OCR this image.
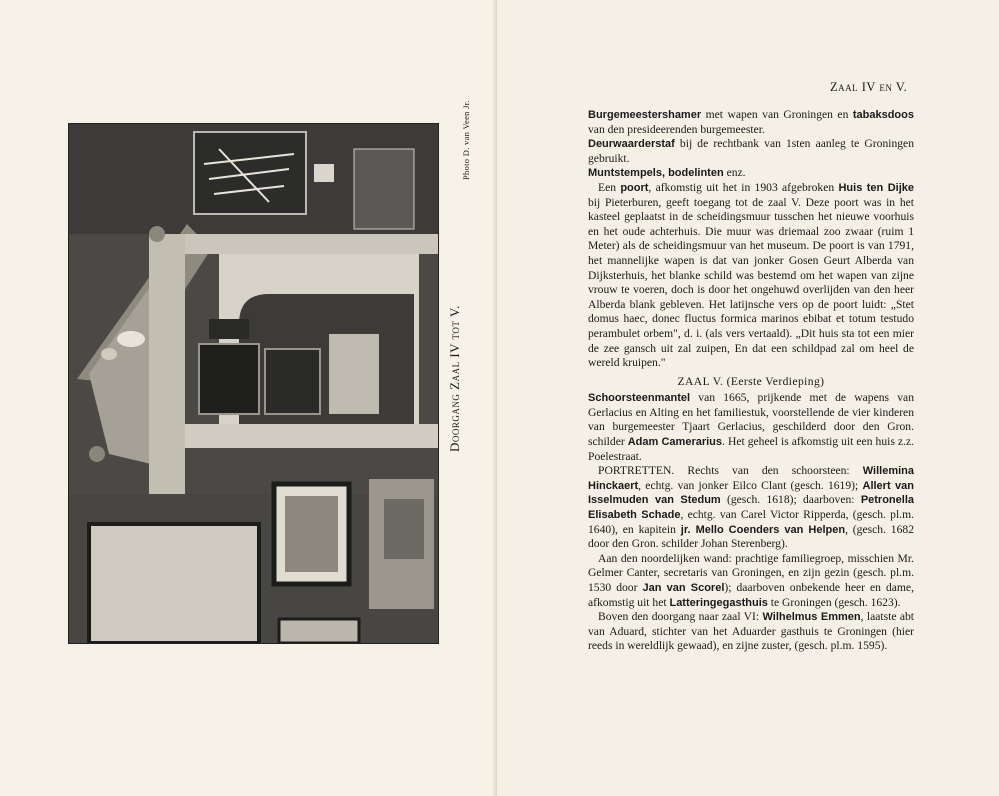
Doorgang Zaal IV tot V.
Photo D. van Veen Jr.
Zaal IV en V.

Burgemeestershamer met wapen van Groningen en tabaksdoos van den presideerenden burgemeester.

Deurwaarderstaf bij de rechtbank van 1sten aanleg te Groningen gebruikt.

Muntstempels, bodelinten enz.

Een poort, afkomstig uit het in 1903 afgebroken Huis ten Dijke bij Pieterburen, geeft toegang tot de zaal V. Deze poort was in het kasteel geplaatst in de scheidingsmuur tusschen het nieuwe voorhuis en het oude achterhuis. Die muur was driemaal zoo zwaar (ruim 1 Meter) als de scheidingsmuur van het museum. De poort is van 1791, het mannelijke wapen is dat van jonker Gosen Geurt Alberda van Dijksterhuis, het blanke schild was bestemd om het wapen van zijne vrouw te voeren, doch is door het ongehuwd overlijden van den heer Alberda blank gebleven. Het latijnsche vers op de poort luidt: „Stet domus haec, donec fluctus formica marinos ebibat et totum testudo perambulet orbem", d. i. (als vers vertaald). „Dit huis sta tot een mier de zee gansch uit zal zuipen, En dat een schildpad zal om heel de wereld kruipen."

ZAAL V. (Eerste Verdieping)

Schoorsteenmantel van 1665, prijkende met de wapens van Gerlacius en Alting en het familiestuk, voorstellende de vier kinderen van burgemeester Tjaart Gerlacius, geschilderd door den Gron. schilder Adam Camerarius. Het geheel is afkomstig uit een huis z.z. Poelestraat.

PORTRETTEN. Rechts van den schoorsteen: Willemina Hinckaert, echtg. van jonker Eilco Clant (gesch. 1619); Allert van Isselmuden van Stedum (gesch. 1618); daarboven: Petronella Elisabeth Schade, echtg. van Carel Victor Ripperda, (gesch. pl.m. 1640), en kapitein jr. Mello Coenders van Helpen, (gesch. 1682 door den Gron. schilder Johan Sterenberg).

Aan den noordelijken wand: prachtige familiegroep, misschien Mr. Gelmer Canter, secretaris van Groningen, en zijn gezin (gesch. pl.m. 1530 door Jan van Scorel); daarboven onbekende heer en dame, afkomstig uit het Latteringegasthuis te Groningen (gesch. 1623).

Boven den doorgang naar zaal VI: Wilhelmus Emmen, laatste abt van Aduard, stichter van het Aduarder gasthuis te Groningen (hier reeds in wereldlijk gewaad), en zijne zuster, (gesch. pl.m. 1595).
